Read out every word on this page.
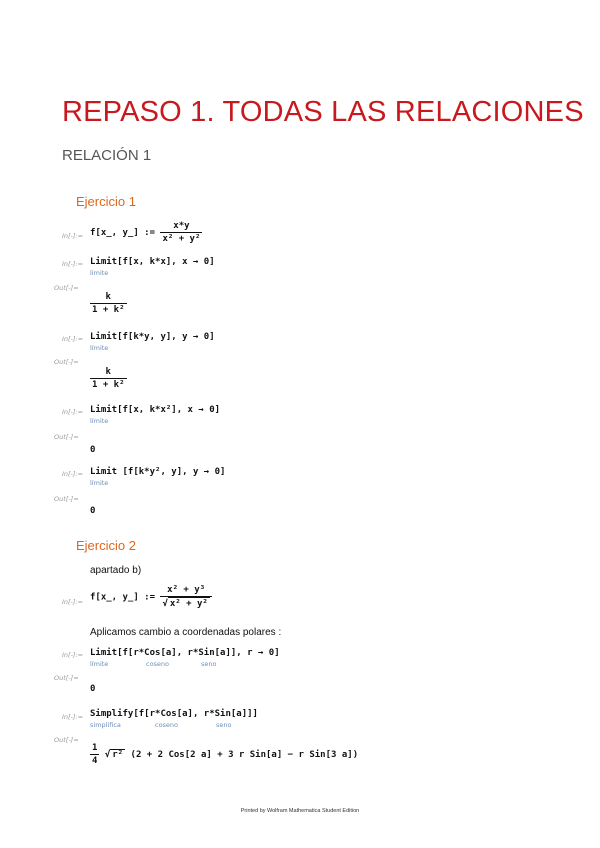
REPASO 1. TODAS LAS RELACIONES
RELACIÓN 1
Ejercicio 1
In[-]:= f[x_, y_] := $\frac{x*y}{\text{x² + y²}}$
In[-]:= Limit[f[x, k*x], x → 0]
límite
Out[-]=
$\frac{k}{\text{1 + k²}}$
In[-]:= Limit[f[k*y, y], y → 0]
límite
Out[-]=
$\frac{k}{\text{1 + k²}}$
In[-]:= Limit[f[x, k*x²], x → 0]
límite
Out[-]=
0
In[-]:= Limit [f[k*y², y], y → 0]
límite
Out[-]=
0
Ejercicio 2
apartado b)
In[-]:= f[x_, y_] := $\frac{\text{x² + y³}}{\text{√ x² + y²}}$
Aplicamos cambio a coordenadas polares :
In[-]:= Limit[f[r*Cos[a], r*Sin[a]], r → 0]
límite	coseno	seno
Out[-]=
0
In[-]:= Simplify[f[r*Cos[a], r*Sin[a]]]
simplifica	coseno	seno
Out[-]=
$\frac{1}{4}$ √ r² (2 + 2 Cos[2 a] + 3 r Sin[a] − r Sin[3 a])
Printed by Wolfram Mathematica Student Edition
